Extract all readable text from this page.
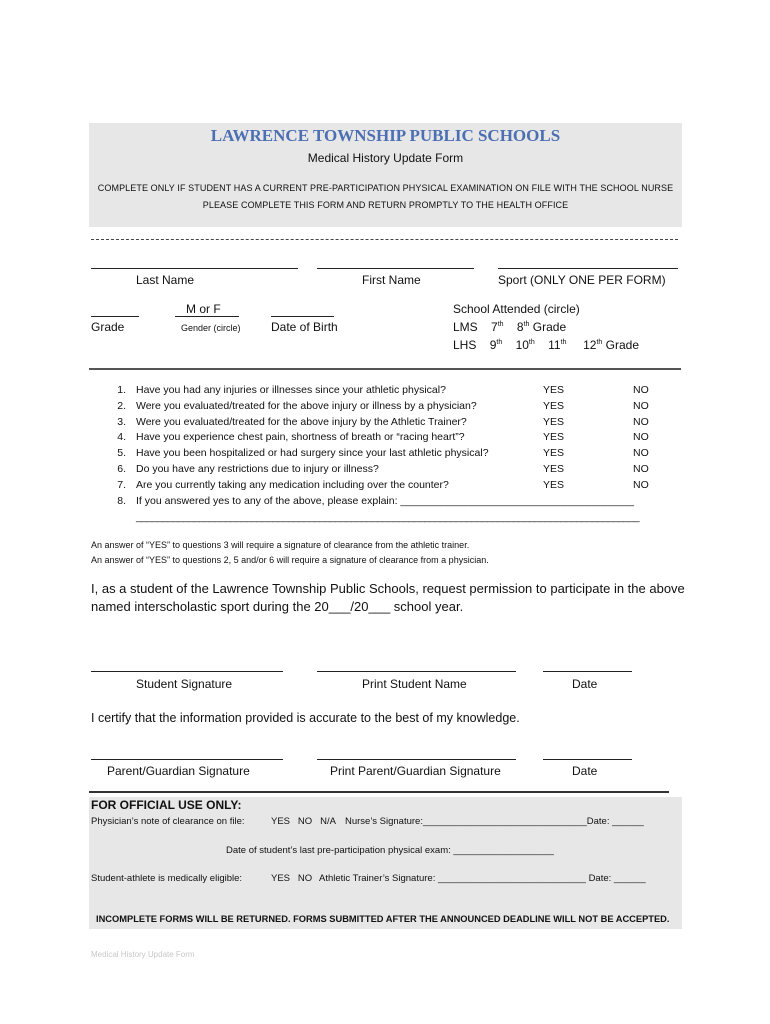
LAWRENCE TOWNSHIP PUBLIC SCHOOLS
Medical History Update Form
COMPLETE ONLY IF STUDENT HAS A CURRENT PRE-PARTICIPATION PHYSICAL EXAMINATION ON FILE WITH THE SCHOOL NURSE
PLEASE COMPLETE THIS FORM AND RETURN PROMPTLY TO THE HEALTH OFFICE
Last Name	First Name	Sport (ONLY ONE PER FORM)
M or F
Grade	Gender (circle)	Date of Birth
School Attended (circle)
LMS 7th 8th Grade
LHS 9th 10th 11th 12th Grade
1. Have you had any injuries or illnesses since your athletic physical?	YES	NO
2. Were you evaluated/treated for the above injury or illness by a physician?	YES	NO
3. Were you evaluated/treated for the above injury by the Athletic Trainer?	YES	NO
4. Have you experience chest pain, shortness of breath or “racing heart”?	YES	NO
5. Have you been hospitalized or had surgery since your last athletic physical?	YES	NO
6. Do you have any restrictions due to injury or illness?	YES	NO
7. Are you currently taking any medication including over the counter?	YES	NO
8. If you answered yes to any of the above, please explain: ________________________________________
________________________________________________________________________________________________
An answer of “YES” to questions 3 will require a signature of clearance from the athletic trainer.
An answer of “YES” to questions 2, 5 and/or 6 will require a signature of clearance from a physician.
I, as a student of the Lawrence Township Public Schools, request permission to participate in the above
named interscholastic sport during the 20___/20___ school year.
Student Signature	Print Student Name	Date
I certify that the information provided is accurate to the best of my knowledge.
Parent/Guardian Signature	Print Parent/Guardian Signature	Date
FOR OFFICIAL USE ONLY:
Physician’s note of clearance on file:	YES   NO   N/A Nurse’s Signature:_______________________________Date: ______
Date of student’s last pre-participation physical exam: ___________________
Student-athlete is medically eligible:	YES   NO Athletic Trainer’s Signature: ____________________________ Date: ______
INCOMPLETE FORMS WILL BE RETURNED. FORMS SUBMITTED AFTER THE ANNOUNCED DEADLINE WILL NOT BE ACCEPTED.
Medical History Update Form
